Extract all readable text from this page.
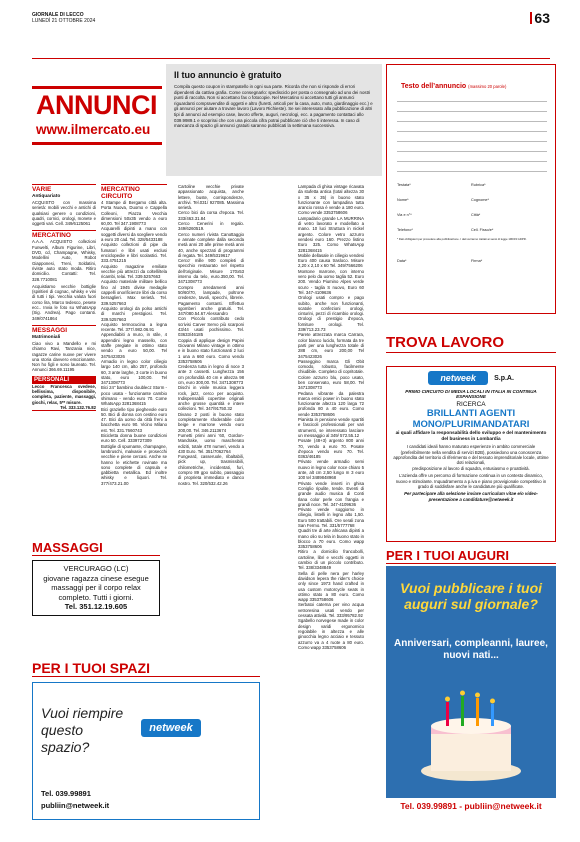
GIORNALE DI LECCO
LUNEDÌ 21 OTTOBRE 2024	63
ANNUNCI
www.ilmercato.eu
Il tuo annuncio è gratuito
Compila questo coupon in stampatello in ogni sua parte. Ricorda che non si risponde di errori dipendenti da cattiva grafia. Come consegnarlo: spedisciclo per posta o consegnalo ad uno dei nostri punti di raccolta. Non si accettano fax o fotocopie. Nel Mercatino si accettano tutti gli annunci riguardanti compravendite di oggetti e altro (furetti, articoli per la casa, auto, moto, giardinaggio ecc.) e gli annunci per aiutare a trovare lavoro (Lavoro Richieste). Se sei interessato alla pubblicazione di altri tipi di annunci ad esempio case, lavoro offerte, auguri, necrologi, ecc. a pagamento contattaci allo 039.9989.1 e scoprirai che con una piccola cifra potrai pubblicare ciò che ti interessa. In caso di mancanza di spazio gli annunci gratuiti saranno pubblicati la settimana successiva.
Testo dell’annuncio (massimo 20 parole)
Testata*	Rubrica*
Nome*	Cognome*
Via e n°*	Città*
Telefono*	Cell. Fisso/e*
* Dati obbligatori per procedere alla pubblicazione. I dati verranno trattati ai sensi di legge 196/03 GDPR.
Data*	Firma*
VARIE
Antiquariato
ACQUISTO con massima serietà: mobili vecchi e antichi di qualsiasi genere o condizioni, quadri, cornici, orologi, monete e oggetti vari. Cell. 349/6125061
MERCATINO
A.A.A. ACQUISTO collezioni Funwelti, Album Figurine, Libri, DVD, cd, Champagne, Whisky, Modellini Auto, Robot Giapponesi, Treni, Soldatini, riviste auto stato moda. Ritiro domicilio. Contatti: Tel. 328.7710081
Acquistiamo vecchie bottiglie (spiritieri di cognac, whisky e vini di tutti i tipi. Vecchia valuta fuori corso lira, Marco tedesco, pesete ecc.. Invia le foto su WhatsApp (Sig. Andrea). Pago contanti. 349/0741864
MESSAGGI
Matrimoniali
Ciao vivo a Mandello e mi chiamo Ravi, Tanzania nice, ragazze carine nuove per vivere una storia davvero emozionante. Non ho figli e sono laureato. Tel. Annunci 366.69.11195
PERSONALI
Lecco Francesca svedese, bellissima, disponibile, completa, paziente, massaggi, giochi, relax, 5** misure.
Tel. 333.132.76.82
MASSAGGI
VERCURAGO (LC)
giovane ragazza cinese esegue massaggi per il corpo relax completo. Tutti i giorni.
Tel. 351.12.19.605
PER I TUOI SPAZI
Vuoi riempire questo spazio?
netweek
Tel. 039.99891
publiin@netweek.it
MERCATINO CIRCUITO
4 Stampe di Bergamo città alta. Porta Nuova, Duomo e Cappella Colleoni, Piazza Vecchia dimensioni 50x35 vendo a euro 60,00. Tel 347.1908773
Acquarelli dipinti a mano con soggetti diversi da scegliere vendo a euro 20 cad. Tel. 328/5433188
Acquisto collezioni di pipe da fumatori e libri usati esclusi enciclopedie e libri scolastici. Tel. 333.4751215
Acquisto magazine emiliate vecchie più attrezzi da coltelli/tela ricambi, telai. Tel. 339.5257663
Acquisto materiale militare bellico fino al 1945 divise medaglie cappelli onorificienze libri da corso bersaglieri. Max serietà. Tel. 339.5257663
Acquisto orologi da polso antichi di marchi prestigiosi. Tel. 339.5257663
Acquisto termocucina a legna recente. Tel. 377/.982.06.91
Appendiabiti a muro, in stile, 4 appendini legno massello, con staffe pregiate in ottimo stato vendo a euro 50,00. Tel 3475423026
Armadio in legno color ciliegio largo 140 cm, alto 257, profondo 60, 3 ante larghe, 3 corte in buono stato, euro 100,00. Tel 3471308773
Bici 24" bambino doublecz Storm - poco usata - funzionante cambio shimano - vendo euro 70. Come WhatsApp 3281368415
Bici grazielle tipo pieghevole euro 50. Bici di donna con cestino euro 47. Bici da uomo da città freni a bacchetta euro 90. Vicino Milano est. Tel. 331.7660743
Bicicletta donna buone condizioni euro 50. Cell. 3339727309
Bottiglie di spumante, champagne, lambruschi, malvasie e prosecchi vecchie e piene cercasi. Anche se hanno le etichette rovinate ma sono complete di capsula e gabbietta metallica. Ed inoltre whisky e liquori. Tel. 377/473.21.00
Cartoline vecchie private appassionato acquista, anche lettere, buste, corrispondenze, archivi. Tel.031/ 927085. Massima serietà.
Cerco bici da corsa d'epoca. Tel. 333/463.31.84
Cerco Cenerini in regalo. 349/6260519.
Cerco numeri rivista Canottaggio e annate complete dalla seconda metà anni 20 alle prime metà anni 40, anche spezzati di programmi di regata. Tel. 349/5319617
Cerco' mille 900 completi di specchio restaurato nel rispetto dell'originale. Misure 170x53 interno da telo, euro.350,00. Tel. 3471308773
Compro arredamenti anni 50/60/70, lampade, poltrone credenze, tavoli, specchi, librerie. Pagamento contanti. Effettuo sgomberi anche gratuiti. Tel. 347/080.54.67 Alessandro
Con Piccolo contributo cedo scrivisi Carver Servo più scarponi 43/44 usati pochissimo. Tel. 03633/46185
Coppia di applique design Papini Giovanni Milano vintage in ottimo e in buono stato funzionanti 2 luci 1 una a 660 euro. Como vendo 3353758606
Credenza tutta in legno di noce 3 ante 3 cassetti. Lunghezza 156 cm profondità 40 cm e altezza 98 cm, euro 300,00. Tel. 3471308773
Dischi in vinile musica leggera rock, jazz, cerco per acquisto. Indispensabili copertine originali anche grosse quantità e intere collezioni. Tel. 347/91750.32
Divano 2 posti in buono stato completamente sfoderabile color beige e marrone vendo euro 200,00. Tel. 346.2113674
Fumetti primi anni '60, Gordon-Mandrake, uomo mascherato ediziti, totale 478 numeri, vendo a 430 Euro. Tel. 351/7062764
Fungeard, casseruole, ribaltabili, pick up, trasmissibili, chilometriche, incidentati, furi, compro 89 gpo subito, passaggio di proprieta immediato e danco nostro. Tel. 320/532.42.26
Lampada di ghisa vintage ricavata da stufetta antica (total altezza 30 x 35 x 35) in buono stato funzionante con lampadina tutta arancio rossa è vende a 180 euro. Como vende 3353758606
Lampadario grande LA MURRINA di vetro lavorato e modellato a mano. 10 luci Struttura in nickel argento. Colore vetro azzurro vendesi euro 160. Prezzo listino Euro 325. Como WhatsApp 3281368415
Mobile dellasale in ciliegio vendesi Euro 400 causa trasloco. Misure 2,20 x 2,10 x 60 Tel. 349/7566206
Montone marrone, con interno vero pelo da uomo taglia 52. Euro 200. Vendo Piumino Alpes verde scuro - taglia S nuovo, Euro 60 Tel. 347-4109636
Orologi usati compro e pago subito, anche non funzionanti, scatole confezioni orologi, cinturini, pezzi di ricambio orologi. Orologi di prestigio d'epoca, forniture orologi. Tel. 339/713.23.73
Parete attrezzata marca Carrara, color bianco lucido, formata da tre parti per una lunghezza totale di 288 cm, euro 200,00 Tel 3475423026
Passeggino marca Gli Obit comodo, robusto, facilmente chiudibile. Completo di copritotale. Colore azzurro blu, poco usato, ben conservato, euro 58,00. Tel 3471308773
Pedana vibrante da palestra marca emici power in buono stato funzionante altezza 120 larga 72 profonda 80 a 40 euro. Como vende 3353758606
Pianista in pensione vende spartiti e fascicoli professionali per vari strumenti, se interessato lasciare un messaggio al 349/ 572.55.12
Posate (48+3) argento 800 anni 70, vendo a euro 70. Posate d'epoca vendo euro 70. Tel. 0363/46185
Privato vende armadio semi nuovo in legno color noce chiaro 5 ante, alt cm 2,50 lungo m 3 euro 100 tel 3489848968
Privato vende inserti in ghisa Coniglio ripulite, tende. Eventi di grande audio musica di Conti Ilana color perle con frangia e grandi noce. Tel. 347-4109636
Privato vende soggiorno in ciliegio, listelli in legno alto 1,50. Euro 500 trattabili. Ore serali zona San Fermo. Tel. 331/5777768
Quadri tre di arte africana dipinti a mano olio su tela in buono stato in blocco a 70 euro. Como wapp 3353758606
Ritiro a domicilio francobolli, cartoline, libri e vecchi oggetti in cambio di un piccolo contributo. Tel. 338/3348849
Sella di pelle nera per harley davidson lepera the rider's choice only since 1973 hand crafted in usa custom motorcycle seats in ottimo stato a 80 euro. Como wapp 3353758606
Serbatoi caterna per vino acqua vetroresina usati vendo per cessata attività. Tel. 333/95782.92
Sgabello norvegese made in color design varidi ergonomico regolabile in altezza e alle ginocchia legno acciaio e tessuto azzurro va a 4 ruote a 80 euro. Como wapp 3353758606
TROVA LAVORO
netweek	S.p.A.
PRIMO CIRCUITO DI MEDIA LOCALI IN ITALIA IN CONTINUA ESPANSIONE
RICERCA
BRILLANTI AGENTI MONO/PLURIMANDATARI
ai quali affidare la responsabilità dello sviluppo e del mantenimento del business in Lombardia
I candidati ideali hanno maturato esperienze in ambito commerciale (preferibilmente nella vendita di servizi B2B), possiedono una conoscenza approfondita del territorio di riferimento e del tessuto imprenditoriale locale, ottime doti relazionali,
predisposizione al lavoro di squadra, entusiasmo e proattività.
L'azienda offre un percorso di formazione continua in un contesto dinamico, nuovo e stimolante. Inquadramento a p.iva e piano provvigionale competitivo in grado di soddisfare anche le candidature più qualificate.
Per partecipare alla selezione inviare curriculum vitae e/o video-presentazione a candidature@netweek.it
PER I TUOI AUGURI
Vuoi pubblicare i tuoi auguri sul giornale?
Anniversari, compleanni, lauree, nuovi nati...
Tel. 039.99891 - publiin@netweek.it
